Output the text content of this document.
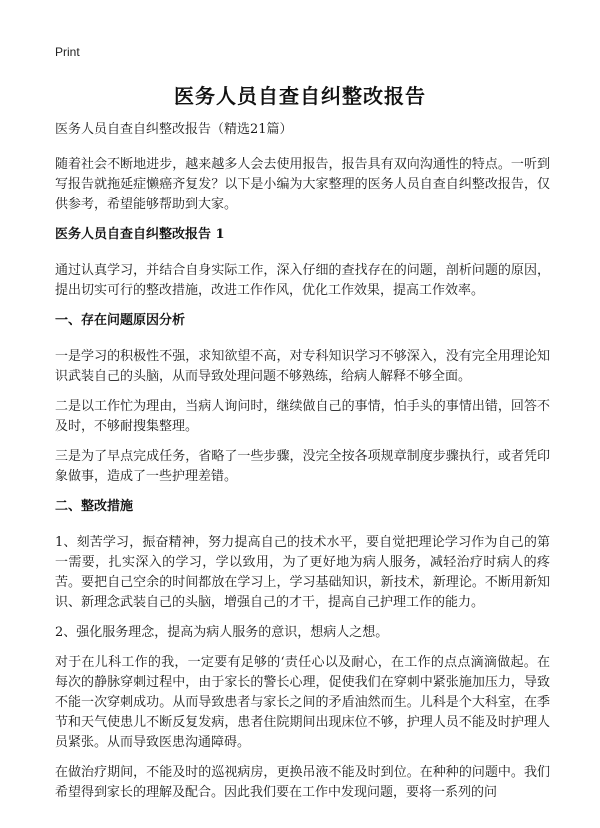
Print
医务人员自查自纠整改报告

医务人员自查自纠整改报告（精选21篇）

随着社会不断地进步，越来越多人会去使用报告，报告具有双向沟通性的特点。一听到写报告就拖延症懒癌齐复发？以下是小编为大家整理的医务人员自查自纠整改报告，仅供参考，希望能够帮助到大家。

医务人员自查自纠整改报告 1

通过认真学习，并结合自身实际工作，深入仔细的查找存在的问题，剖析问题的原因，提出切实可行的整改措施，改进工作作风，优化工作效果，提高工作效率。

一、存在问题原因分析

一是学习的积极性不强，求知欲望不高，对专科知识学习不够深入，没有完全用理论知识武装自己的头脑，从而导致处理问题不够熟练，给病人解释不够全面。

二是以工作忙为理由，当病人询问时，继续做自己的事情，怕手头的事情出错，回答不及时，不够耐搜集整理。

三是为了早点完成任务，省略了一些步骤，没完全按各项规章制度步骤执行，或者凭印象做事，造成了一些护理差错。

二、整改措施

1、刻苦学习，振奋精神，努力提高自己的技术水平，要自觉把理论学习作为自己的第一需要，扎实深入的学习，学以致用，为了更好地为病人服务，减轻治疗时病人的疼苦。要把自己空余的时间都放在学习上，学习基础知识，新技术，新理论。不断用新知识、新理念武装自己的头脑，增强自己的才干，提高自己护理工作的能力。

2、强化服务理念，提高为病人服务的意识，想病人之想。

对于在儿科工作的我，一定要有足够的‘责任心以及耐心，在工作的点点滴滴做起。在每次的静脉穿刺过程中，由于家长的警长心理，促使我们在穿刺中紧张施加压力，导致不能一次穿刺成功。从而导致患者与家长之间的矛盾油然而生。儿科是个大科室，在季节和天气使患儿不断反复发病，患者住院期间出现床位不够，护理人员不能及时护理人员紧张。从而导致医患沟通障碍。

在做治疗期间，不能及时的巡视病房，更换吊液不能及时到位。在种种的问题中。我们希望得到家长的理解及配合。因此我们要在工作中发现问题，要将一系列的问
